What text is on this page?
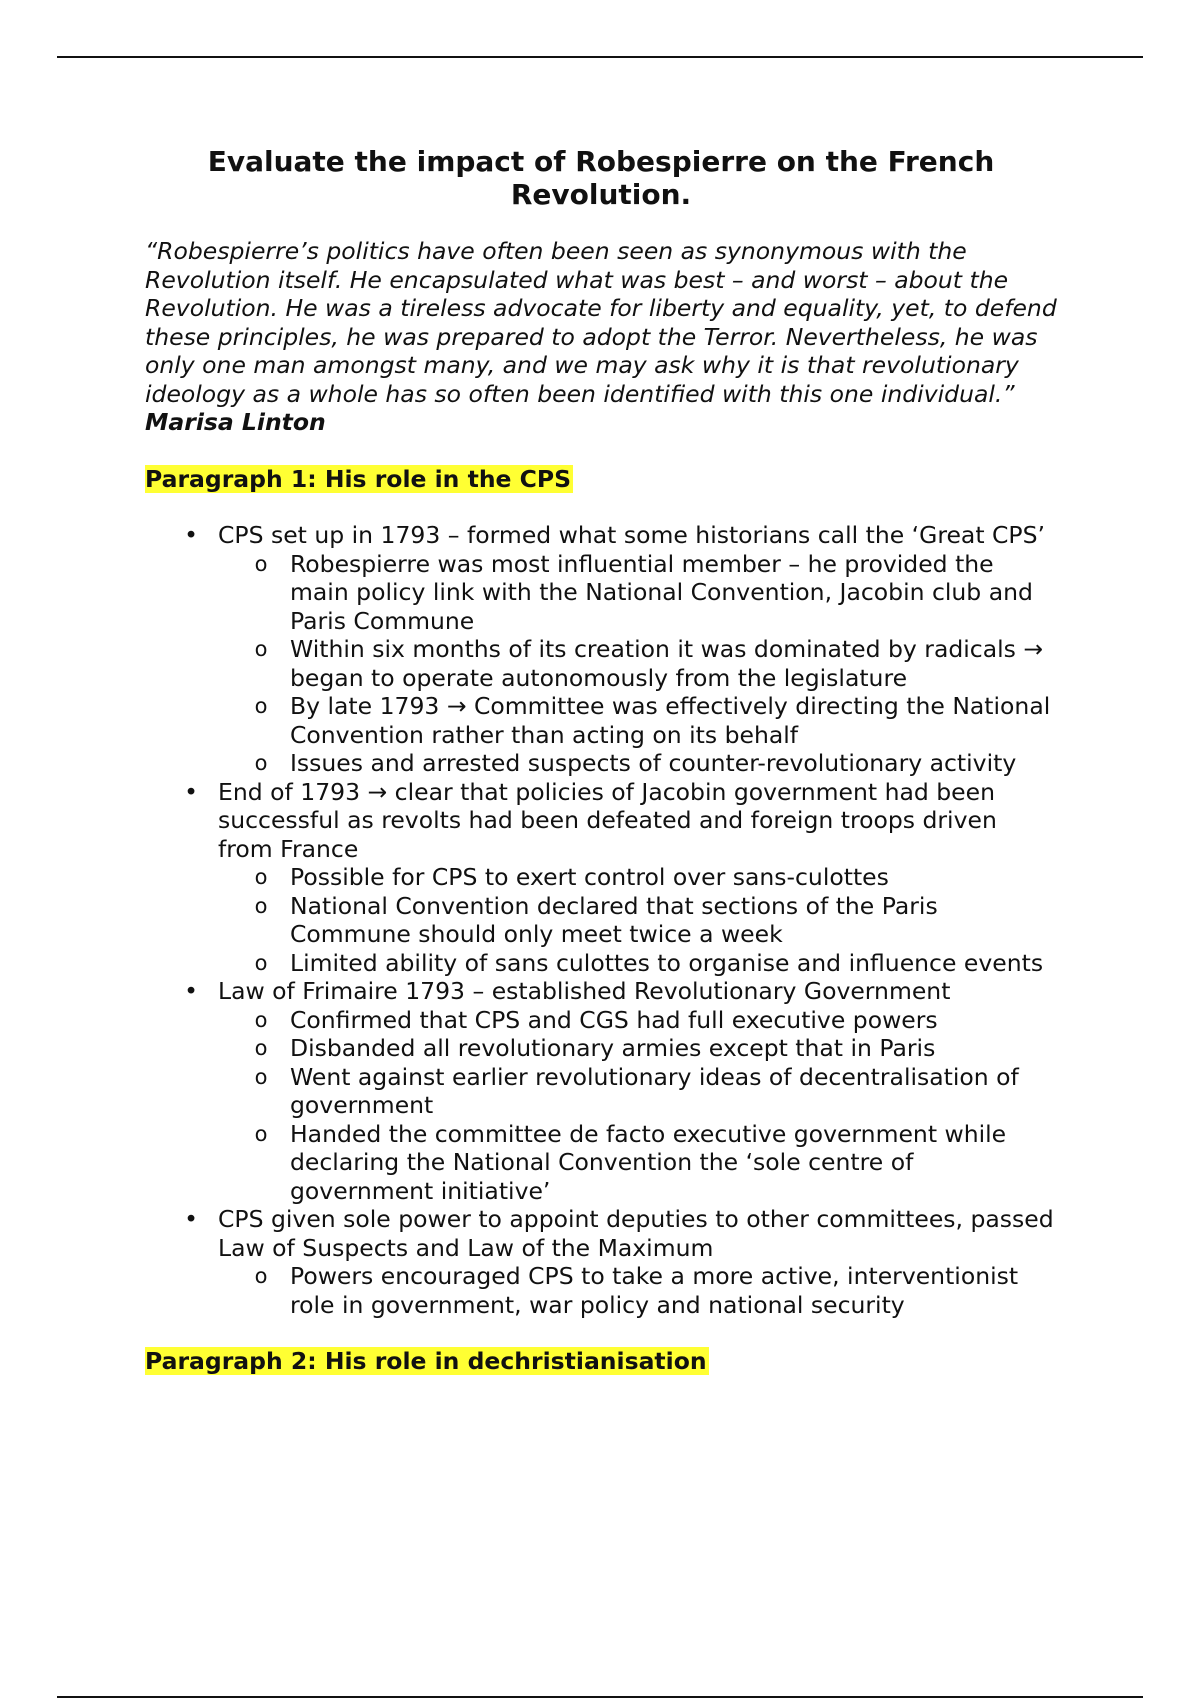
Evaluate the impact of Robespierre on the French Revolution.

“Robespierre’s politics have often been seen as synonymous with the Revolution itself. He encapsulated what was best – and worst – about the Revolution. He was a tireless advocate for liberty and equality, yet, to defend these principles, he was prepared to adopt the Terror. Nevertheless, he was only one man amongst many, and we may ask why it is that revolutionary ideology as a whole has so often been identified with this one individual.”

Marisa Linton

Paragraph 1: His role in the CPS
• CPS set up in 1793 – formed what some historians call the ‘Great CPS’
o Robespierre was most influential member – he provided the main policy link with the National Convention, Jacobin club and Paris Commune
o Within six months of its creation it was dominated by radicals → began to operate autonomously from the legislature
o By late 1793 → Committee was effectively directing the National Convention rather than acting on its behalf
o Issues and arrested suspects of counter-revolutionary activity
• End of 1793 → clear that policies of Jacobin government had been successful as revolts had been defeated and foreign troops driven from France
o Possible for CPS to exert control over sans-culottes
o National Convention declared that sections of the Paris Commune should only meet twice a week
o Limited ability of sans culottes to organise and influence events
• Law of Frimaire 1793 – established Revolutionary Government
o Confirmed that CPS and CGS had full executive powers
o Disbanded all revolutionary armies except that in Paris
o Went against earlier revolutionary ideas of decentralisation of government
o Handed the committee de facto executive government while declaring the National Convention the ‘sole centre of government initiative’
• CPS given sole power to appoint deputies to other committees, passed Law of Suspects and Law of the Maximum
o Powers encouraged CPS to take a more active, interventionist role in government, war policy and national security
Paragraph 2: His role in dechristianisation
